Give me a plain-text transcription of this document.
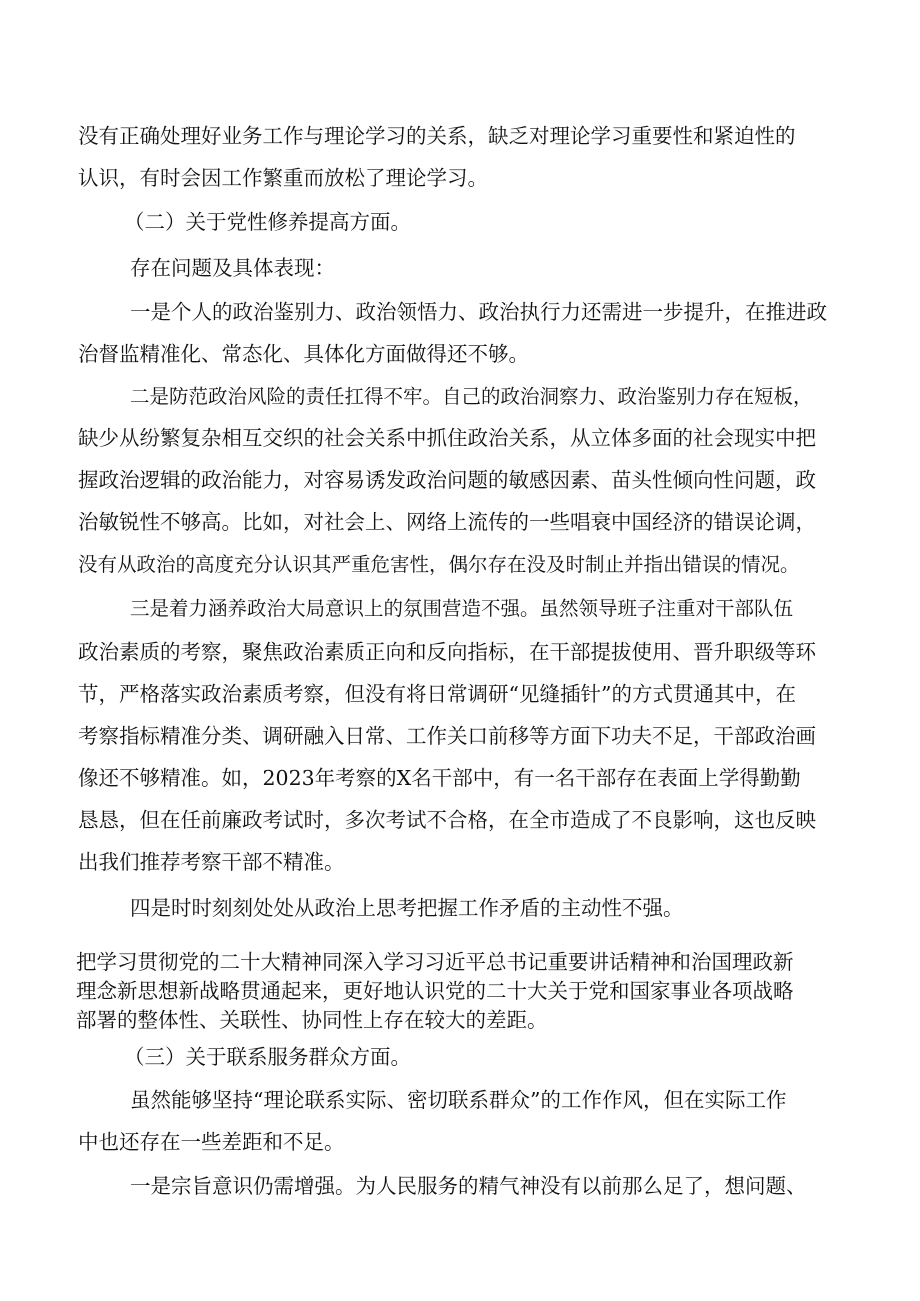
没有正确处理好业务工作与理论学习的关系，缺乏对理论学习重要性和紧迫性的
认识，有时会因工作繁重而放松了理论学习。
（二）关于党性修养提高方面。
存在问题及具体表现：
一是个人的政治鉴别力、政治领悟力、政治执行力还需进一步提升，在推进政
治督监精准化、常态化、具体化方面做得还不够。
二是防范政治风险的责任扛得不牢。自己的政治洞察力、政治鉴别力存在短板，
缺少从纷繁复杂相互交织的社会关系中抓住政治关系，从立体多面的社会现实中把
握政治逻辑的政治能力，对容易诱发政治问题的敏感因素、苗头性倾向性问题，政
治敏锐性不够高。比如，对社会上、网络上流传的一些唱衰中国经济的错误论调，
没有从政治的高度充分认识其严重危害性，偶尔存在没及时制止并指出错误的情况。
三是着力涵养政治大局意识上的氛围营造不强。虽然领导班子注重对干部队伍
政治素质的考察，聚焦政治素质正向和反向指标，在干部提拔使用、晋升职级等环
节，严格落实政治素质考察，但没有将日常调研“见缝插针”的方式贯通其中，在
考察指标精准分类、调研融入日常、工作关口前移等方面下功夫不足，干部政治画
像还不够精准。如，2023年考察的X名干部中，有一名干部存在表面上学得勤勤
恳恳，但在任前廉政考试时，多次考试不合格，在全市造成了不良影响，这也反映
出我们推荐考察干部不精准。
四是时时刻刻处处从政治上思考把握工作矛盾的主动性不强。
把学习贯彻党的二十大精神同深入学习习近平总书记重要讲话精神和治国理政新
理念新思想新战略贯通起来，更好地认识党的二十大关于党和国家事业各项战略
部署的整体性、关联性、协同性上存在较大的差距。
（三）关于联系服务群众方面。
虽然能够坚持“理论联系实际、密切联系群众”的工作作风，但在实际工作
中也还存在一些差距和不足。
一是宗旨意识仍需增强。为人民服务的精气神没有以前那么足了，想问题、
